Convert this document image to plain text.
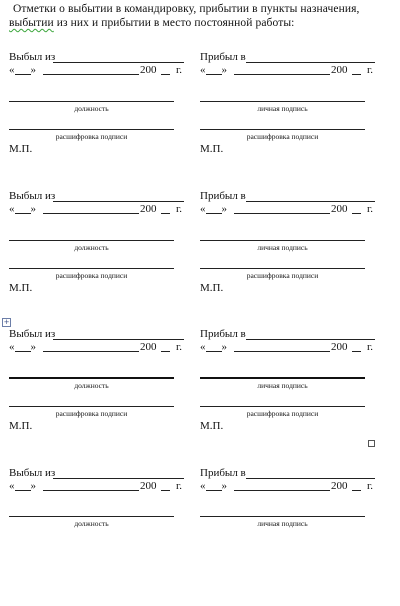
Отметки о выбытии в командировку, прибытии в пункты назначения,
выбытии из них и прибытии в место постоянной работы:
Выбыл из
« »	200 г.
должность
расшифровка подписи
М.П.
Прибыл в
« »	200 г.
личная подпись
расшифровка подписи
М.П.
Выбыл из
« »	200 г.
должность
расшифровка подписи
М.П.
Прибыл в
« »	200 г.
личная подпись
расшифровка подписи
М.П.
+
Выбыл из
« »	200 г.
должность
расшифровка подписи
М.П.
Прибыл в
« »	200 г.
личная подпись
расшифровка подписи
М.П.
Выбыл из
« »	200 г.
должность
Прибыл в
« »	200 г.
личная подпись
